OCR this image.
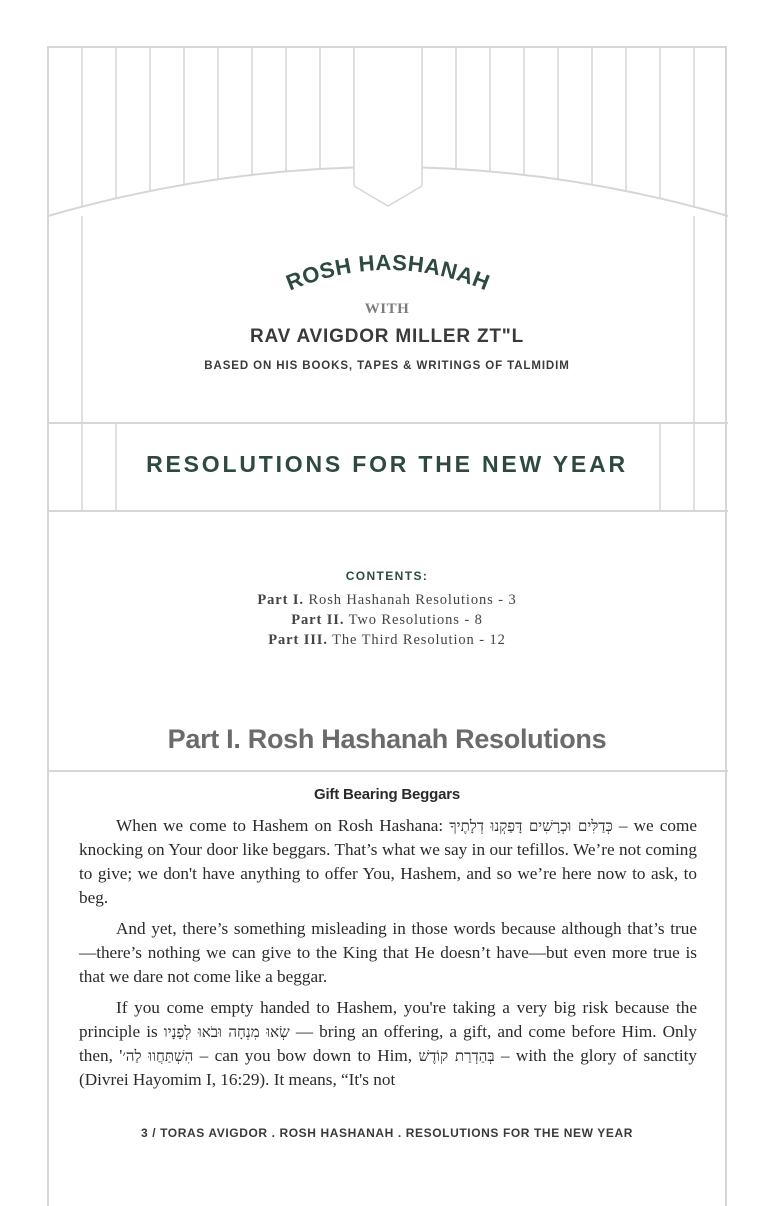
ROSH HASHANAH
WITH
RAV AVIGDOR MILLER ZT"L
BASED ON HIS BOOKS, TAPES & WRITINGS OF TALMIDIM
RESOLUTIONS FOR THE NEW YEAR
CONTENTS:
Part I. Rosh Hashanah Resolutions - 3
Part II. Two Resolutions - 8
Part III. The Third Resolution - 12
Part I. Rosh Hashanah Resolutions
Gift Bearing Beggars

When we come to Hashem on Rosh Hashana: כְּדַלִּים וּכְרָשִׁים דָּפַקְנוּ דְלָתֶיךָ – we come knocking on Your door like beggars. That’s what we say in our tefillos. We’re not coming to give; we don't have anything to offer You, Hashem, and so we’re here now to ask, to beg.

And yet, there’s something misleading in those words because although that’s true—there’s nothing we can give to the King that He doesn’t have—but even more true is that we dare not come like a beggar.

If you come empty handed to Hashem, you're taking a very big risk because the principle is שְׂאוּ מִנְחָה וּבֹאוּ לְפָנָיו — bring an offering, a gift, and come before Him. Only then, 'הִשְׁתַּחֲווּ לַה׳ – can you bow down to Him, בְּהַדְרַת קוֹדֶשׁ – with the glory of sanctity (Divrei Hayomim I, 16:29). It means, “It's not

3 / TORAS AVIGDOR . ROSH HASHANAH . RESOLUTIONS FOR THE NEW YEAR
